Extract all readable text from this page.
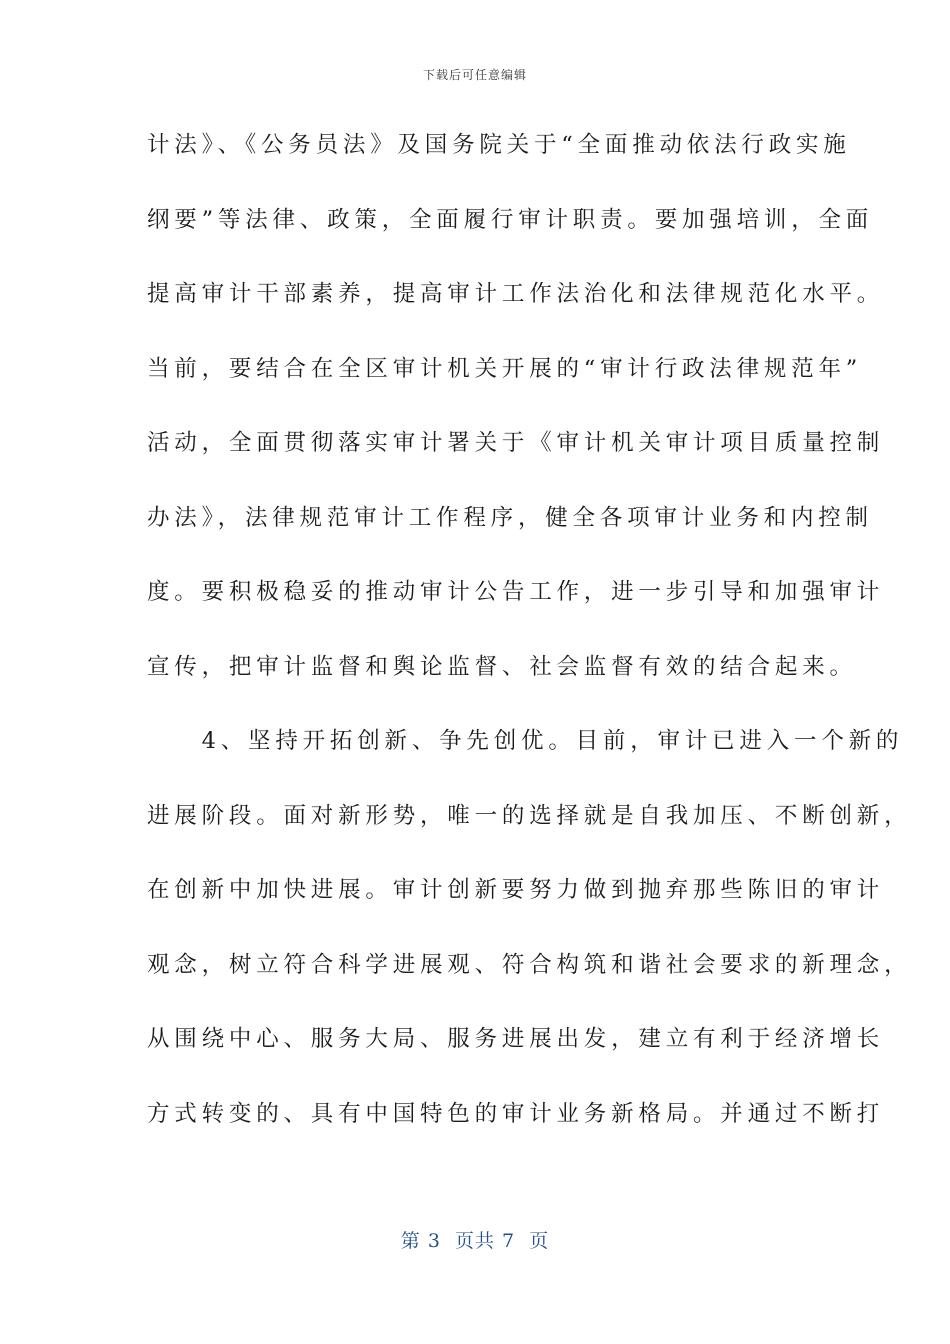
下载后可任意编辑
计法》、《公务员法》及国务院关于“全面推动依法行政实施
纲要”等法律、政策，全面履行审计职责。要加强培训，全面
提高审计干部素养，提高审计工作法治化和法律规范化水平。
当前，要结合在全区审计机关开展的“审计行政法律规范年”
活动，全面贯彻落实审计署关于《审计机关审计项目质量控制
办法》，法律规范审计工作程序，健全各项审计业务和内控制
度。要积极稳妥的推动审计公告工作，进一步引导和加强审计
宣传，把审计监督和舆论监督、社会监督有效的结合起来。
　　4、坚持开拓创新、争先创优。目前，审计已进入一个新的
进展阶段。面对新形势，唯一的选择就是自我加压、不断创新，
在创新中加快进展。审计创新要努力做到抛弃那些陈旧的审计
观念，树立符合科学进展观、符合构筑和谐社会要求的新理念，
从围绕中心、服务大局、服务进展出发，建立有利于经济增长
方式转变的、具有中国特色的审计业务新格局。并通过不断打
第 3  页共 7  页
